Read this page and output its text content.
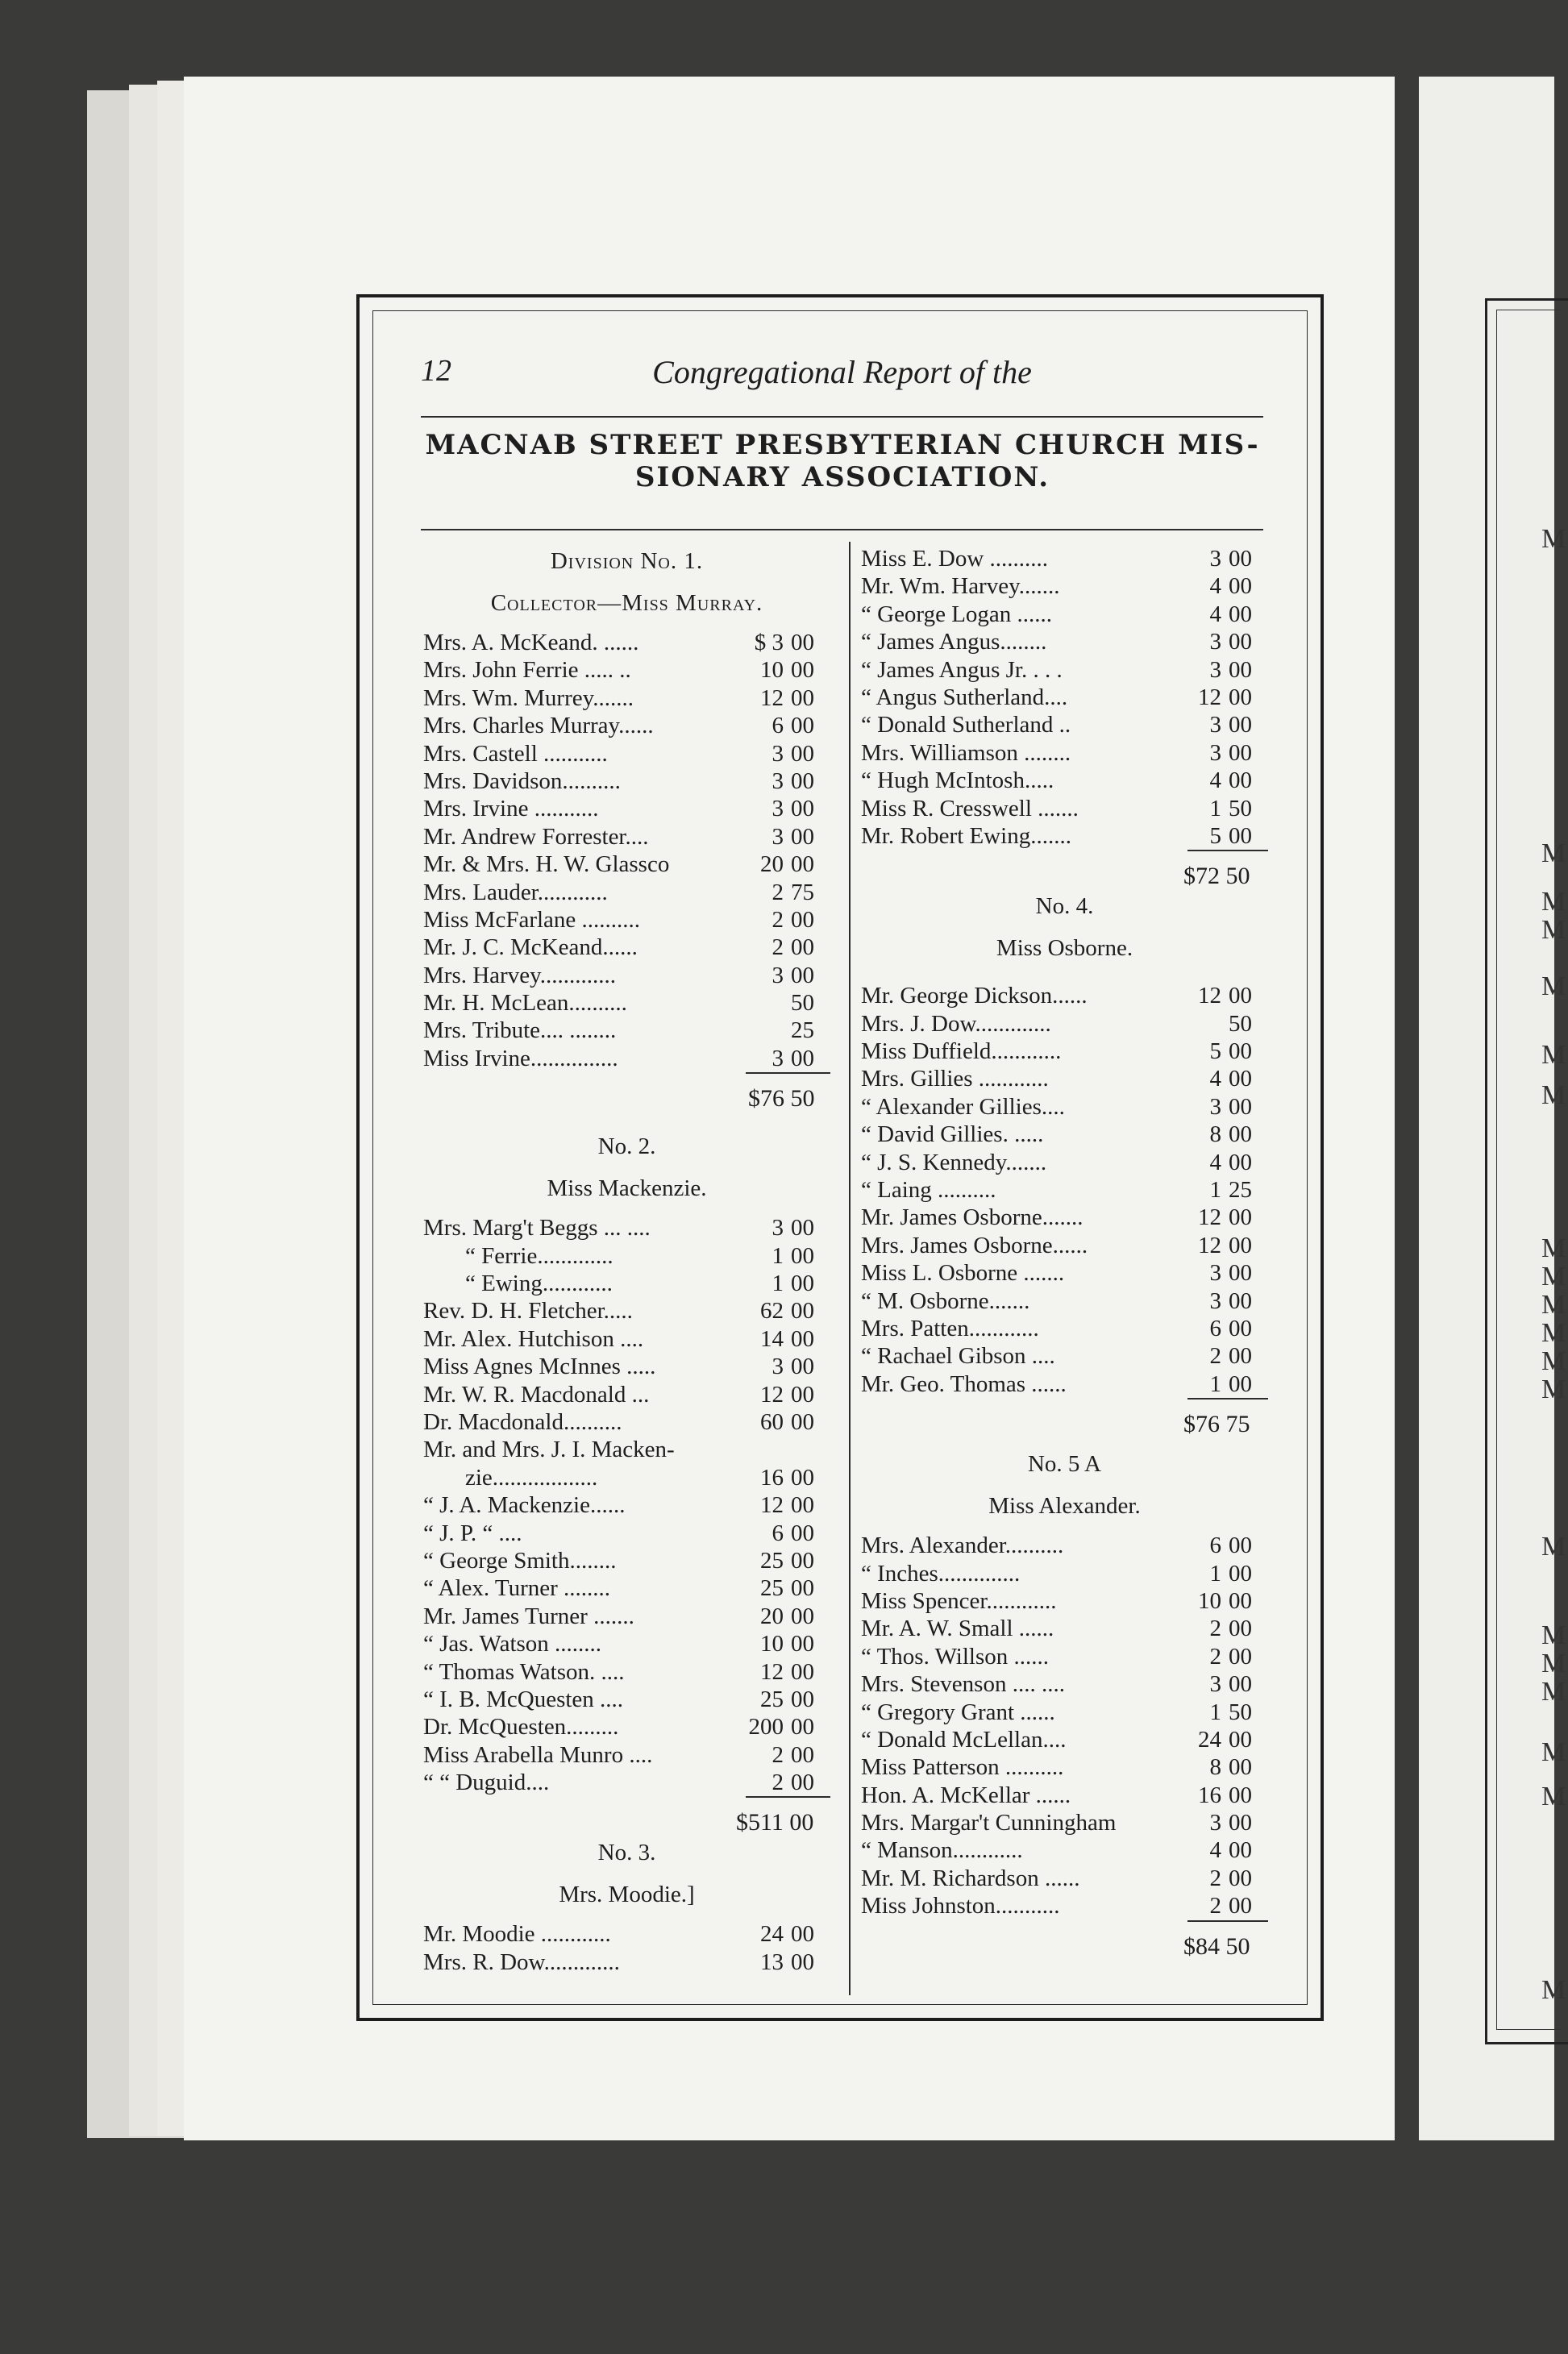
M
M
M
M
M
M
M
M
M
M
M
M
M
M
M
M
M
M
M
M
12	Congregational Report of the
MACNAB STREET PRESBYTERIAN CHURCH MIS-
SIONARY ASSOCIATION.
Division No. 1.
Collector—Miss Murray.
Mrs. A. McKeand. ......	$ 3 00
Mrs. John Ferrie ..... ..	10 00
Mrs. Wm. Murrey.......	12 00
Mrs. Charles Murray......	6 00
Mrs. Castell ...........	3 00
Mrs. Davidson..........	3 00
Mrs. Irvine ...........	3 00
Mr. Andrew Forrester....	3 00
Mr. & Mrs. H. W. Glassco	20 00
Mrs. Lauder............	2 75
Miss McFarlane ..........	2 00
Mr. J. C. McKeand......	2 00
Mrs. Harvey.............	3 00
Mr. H. McLean..........	50
Mrs. Tribute.... ........	25
Miss Irvine...............	3 00
$76 50
No. 2.
Miss Mackenzie.
Mrs. Marg't Beggs ... ....	3 00
“ Ferrie.............	1 00
“ Ewing............	1 00
Rev. D. H. Fletcher.....	62 00
Mr. Alex. Hutchison ....	14 00
Miss Agnes McInnes .....	3 00
Mr. W. R. Macdonald ...	12 00
Dr. Macdonald..........	60 00
Mr. and Mrs. J. I. Macken-
zie..................	16 00
“ J. A. Mackenzie......	12 00
“ J. P. “ ....	6 00
“ George Smith........	25 00
“ Alex. Turner ........	25 00
Mr. James Turner .......	20 00
“ Jas. Watson ........	10 00
“ Thomas Watson. ....	12 00
“ I. B. McQuesten ....	25 00
Dr. McQuesten.........	200 00
Miss Arabella Munro ....	2 00
“ “ Duguid....	2 00
$511 00
No. 3.
Mrs. Moodie.]
Mr. Moodie ............	24 00
Mrs. R. Dow.............	13 00
Miss E. Dow ..........	3 00
Mr. Wm. Harvey.......	4 00
“ George Logan ......	4 00
“ James Angus........	3 00
“ James Angus Jr. . . .	3 00
“ Angus Sutherland....	12 00
“ Donald Sutherland ..	3 00
Mrs. Williamson ........	3 00
“ Hugh McIntosh.....	4 00
Miss R. Cresswell .......	1 50
Mr. Robert Ewing.......	5 00
$72 50
No. 4.
Miss Osborne.
Mr. George Dickson......	12 00
Mrs. J. Dow.............	50
Miss Duffield............	5 00
Mrs. Gillies ............	4 00
“ Alexander Gillies....	3 00
“ David Gillies. .....	8 00
“ J. S. Kennedy.......	4 00
“ Laing ..........	1 25
Mr. James Osborne.......	12 00
Mrs. James Osborne......	12 00
Miss L. Osborne .......	3 00
“ M. Osborne.......	3 00
Mrs. Patten............	6 00
“ Rachael Gibson ....	2 00
Mr. Geo. Thomas ......	1 00
$76 75
No. 5 A
Miss Alexander.
Mrs. Alexander..........	6 00
“ Inches..............	1 00
Miss Spencer............	10 00
Mr. A. W. Small ......	2 00
“ Thos. Willson ......	2 00
Mrs. Stevenson .... ....	3 00
“ Gregory Grant ......	1 50
“ Donald McLellan....	24 00
Miss Patterson ..........	8 00
Hon. A. McKellar ......	16 00
Mrs. Margar't Cunningham	3 00
“ Manson............	4 00
Mr. M. Richardson ......	2 00
Miss Johnston...........	2 00
$84 50
